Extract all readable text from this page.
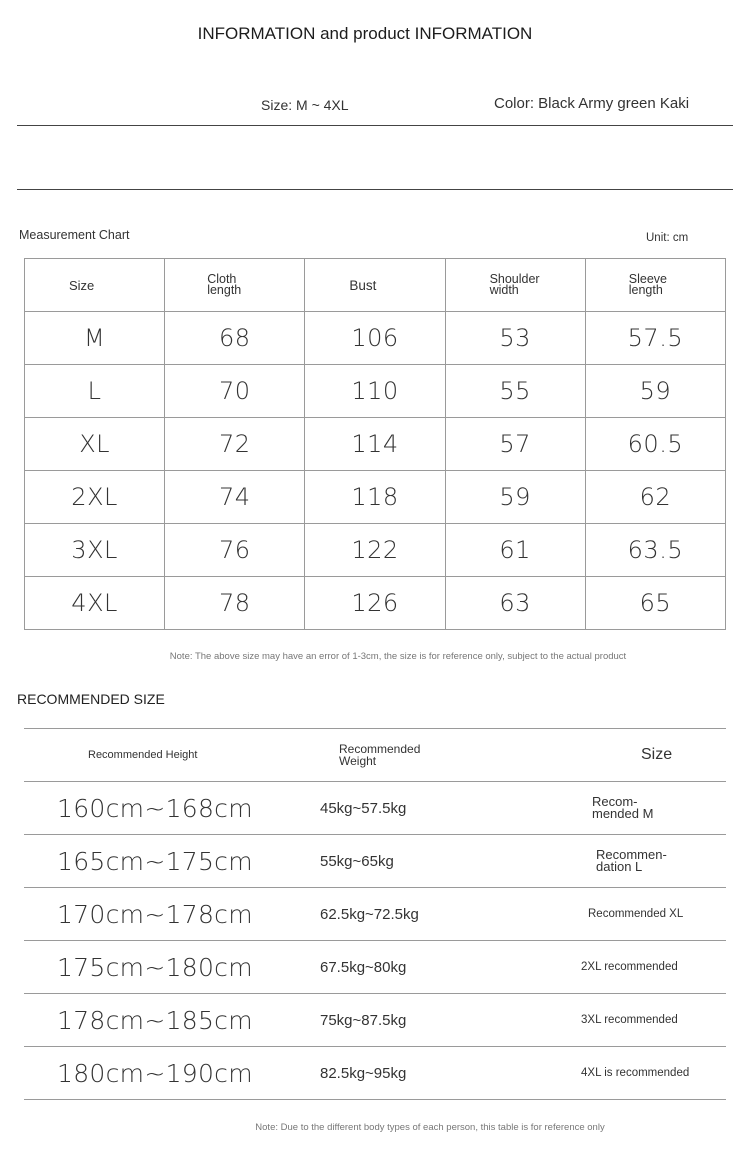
INFORMATION and product INFORMATION
Size: M ~ 4XL	Color: Black Army green Kaki
Measurement Chart	Unit: cm
Size	Cloth length	Bust	Shoulder width	Sleeve length

M	68	106	53	57.5
L	70	110	55	59
XL	72	114	57	60.5
2XL	74	118	59	62
3XL	76	122	61	63.5
4XL	78	126	63	65
Note: The above size may have an error of 1-3cm, the size is for reference only, subject to the actual product
RECOMMENDED SIZE
Recommended Height	Recommended Weight	Size
160cm~168cm	45kg~57.5kg	Recom-mended M

165cm~175cm	55kg~65kg	Recommen-dation L

170cm~178cm	62.5kg~72.5kg	Recommended XL
175cm~180cm	67.5kg~80kg	2XL recommended
178cm~185cm	75kg~87.5kg	3XL recommended
180cm~190cm	82.5kg~95kg	4XL is recommended
Note: Due to the different body types of each person, this table is for reference only
